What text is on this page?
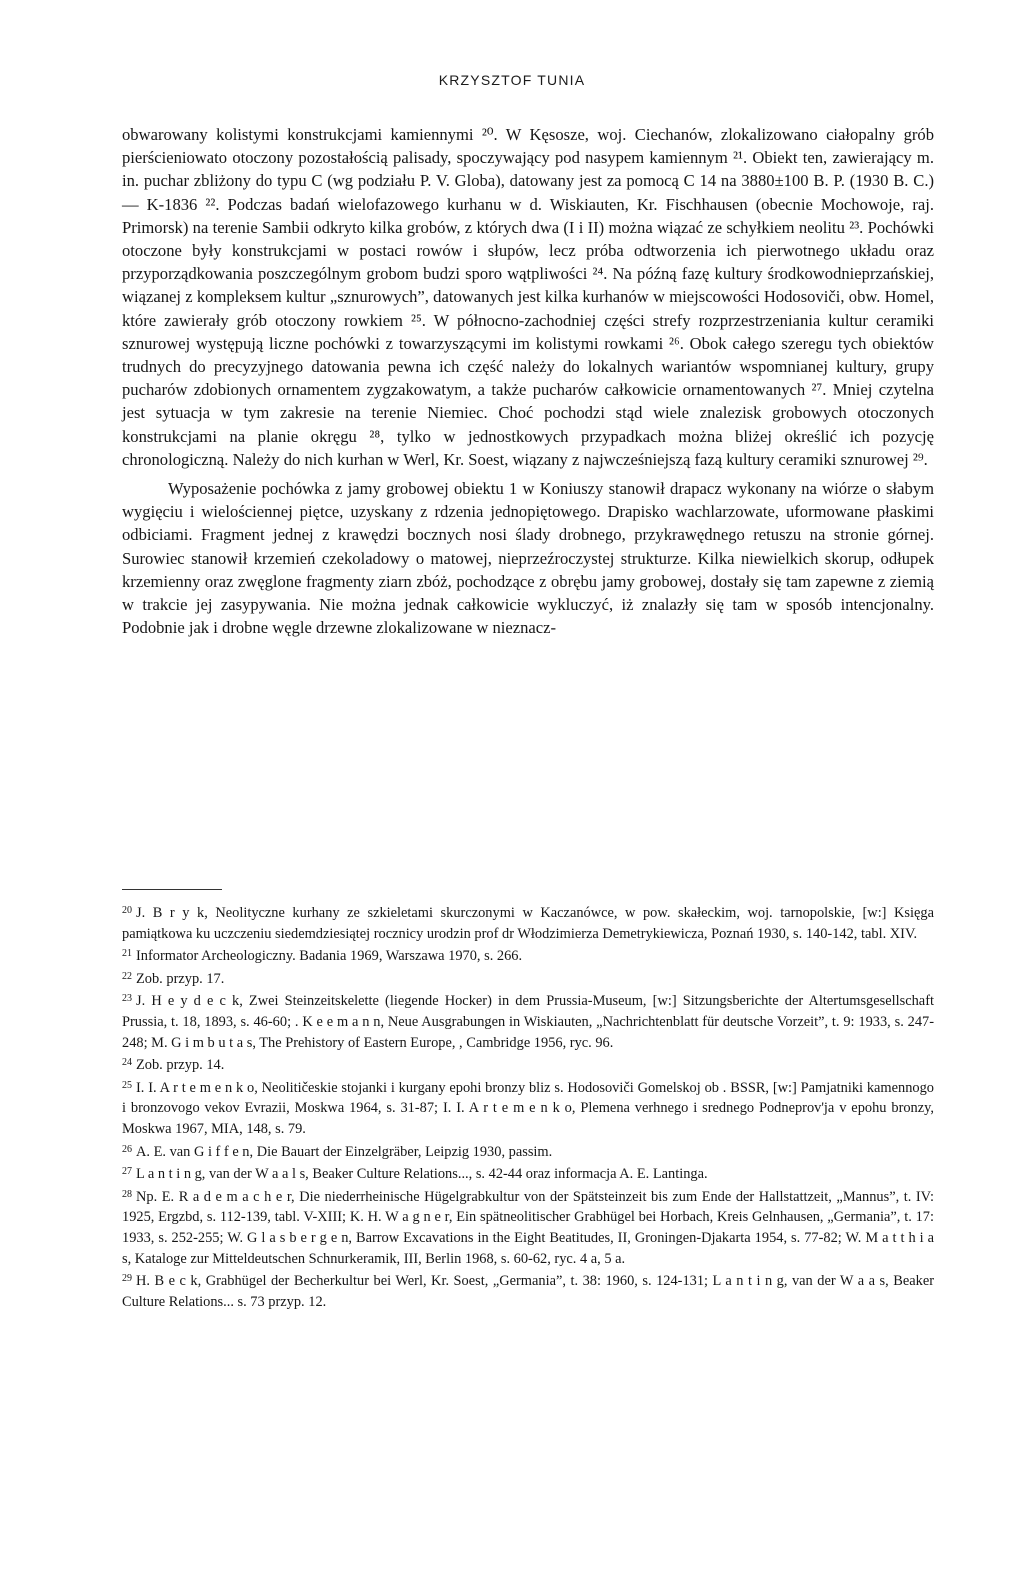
KRZYSZTOF TUNIA

obwarowany kolistymi konstrukcjami kamiennymi ²⁰. W Kęsosze, woj. Ciechanów, zlokalizowano ciałopalny grób pierścieniowato otoczony pozostałością palisady, spoczywający pod nasypem kamiennym ²¹. Obiekt ten, zawierający m. in. puchar zbliżony do typu C (wg podziału P. V. Globa), datowany jest za pomocą C 14 na 3880±100 B. P. (1930 B. C.) — K-1836 ²². Podczas badań wielofazowego kurhanu w d. Wiskiauten, Kr. Fischhausen (obecnie Mochowoje, raj. Primorsk) na terenie Sambii odkryto kilka grobów, z których dwa (I i II) można wiązać ze schyłkiem neolitu ²³. Pochówki otoczone były konstrukcjami w postaci rowów i słupów, lecz próba odtworzenia ich pierwotnego układu oraz przyporządkowania poszczególnym grobom budzi sporo wątpliwości ²⁴. Na późną fazę kultury środkowodnieprzańskiej, wiązanej z kompleksem kultur „sznurowych”, datowanych jest kilka kurhanów w miejscowości Hodosoviči, obw. Homel, które zawierały grób otoczony rowkiem ²⁵. W północno-zachodniej części strefy rozprzestrzeniania kultur ceramiki sznurowej występują liczne pochówki z towarzyszącymi im kolistymi rowkami ²⁶. Obok całego szeregu tych obiektów trudnych do precyzyjnego datowania pewna ich część należy do lokalnych wariantów wspomnianej kultury, grupy pucharów zdobionych ornamentem zygzakowatym, a także pucharów całkowicie ornamentowanych ²⁷. Mniej czytelna jest sytuacja w tym zakresie na terenie Niemiec. Choć pochodzi stąd wiele znalezisk grobowych otoczonych konstrukcjami na planie okręgu ²⁸, tylko w jednostkowych przypadkach można bliżej określić ich pozycję chronologiczną. Należy do nich kurhan w Werl, Kr. Soest, wiązany z najwcześniejszą fazą kultury ceramiki sznurowej ²⁹.

Wyposażenie pochówka z jamy grobowej obiektu 1 w Koniuszy stanowił drapacz wykonany na wiórze o słabym wygięciu i wielościennej piętce, uzyskany z rdzenia jednopiętowego. Drapisko wachlarzowate, uformowane płaskimi odbiciami. Fragment jednej z krawędzi bocznych nosi ślady drobnego, przykrawędnego retuszu na stronie górnej. Surowiec stanowił krzemień czekoladowy o matowej, nieprzeźroczystej strukturze. Kilka niewielkich skorup, odłupek krzemienny oraz zwęglone fragmenty ziarn zbóż, pochodzące z obrębu jamy grobowej, dostały się tam zapewne z ziemią w trakcie jej zasypywania. Nie można jednak całkowicie wykluczyć, iż znalazły się tam w sposób intencjonalny. Podobnie jak i drobne węgle drzewne zlokalizowane w nieznacz-

$^{20}$ J. B r y k, Neolityczne kurhany ze szkieletami skurczonymi w Kaczanówce, w pow. skałeckim, woj. tarnopolskie, [w:] Księga pamiątkowa ku uczczeniu siedemdziesiątej rocznicy urodzin prof dr Włodzimierza Demetrykiewicza, Poznań 1930, s. 140-142, tabl. XIV.

$^{21}$ Informator Archeologiczny. Badania 1969, Warszawa 1970, s. 266.

$^{22}$ Zob. przyp. 17.

$^{23}$ J. H e y d e c k, Zwei Steinzeitskelette (liegende Hocker) in dem Prussia-Museum, [w:] Sitzungsberichte der Altertumsgesellschaft Prussia, t. 18, 1893, s. 46-60; . K e e m a n n, Neue Ausgrabungen in Wiskiauten, „Nachrichtenblatt für deutsche Vorzeit”, t. 9: 1933, s. 247-248; M. G i m b u t a s, The Prehistory of Eastern Europe, , Cambridge 1956, ryc. 96.

$^{24}$ Zob. przyp. 14.

$^{25}$ I. I. A r t e m e n k o, Neolitičeskie stojanki i kurgany epohi bronzy bliz s. Hodosoviči Gomelskoj ob . BSSR, [w:] Pamjatniki kamennogo i bronzovogo vekov Evrazii, Moskwa 1964, s. 31-87; I. I. A r t e m e n k o, Plemena verhnego i srednego Podneprov'ja v epohu bronzy, Moskwa 1967, MIA, 148, s. 79.

$^{26}$ A. E. van G i f f e n, Die Bauart der Einzelgräber, Leipzig 1930, passim.

$^{27}$ L a n t i n g, van der W a a l s, Beaker Culture Relations..., s. 42-44 oraz informacja A. E. Lantinga.

$^{28}$ Np. E. R a d e m a c h e r, Die niederrheinische Hügelgrabkultur von der Spätsteinzeit bis zum Ende der Hallstattzeit, „Mannus”, t. IV: 1925, Ergzbd, s. 112-139, tabl. V-XIII; K. H. W a g n e r, Ein spätneolitischer Grabhügel bei Horbach, Kreis Gelnhausen, „Germania”, t. 17: 1933, s. 252-255; W. G l a s b e r g e n, Barrow Excavations in the Eight Beatitudes, II, Groningen-Djakarta 1954, s. 77-82; W. M a t t h i a s, Kataloge zur Mitteldeutschen Schnurkeramik, III, Berlin 1968, s. 60-62, ryc. 4 a, 5 a.

$^{29}$ H. B e c k, Grabhügel der Becherkultur bei Werl, Kr. Soest, „Germania”, t. 38: 1960, s. 124-131; L a n t i n g, van der W a a s, Beaker Culture Relations... s. 73 przyp. 12.
